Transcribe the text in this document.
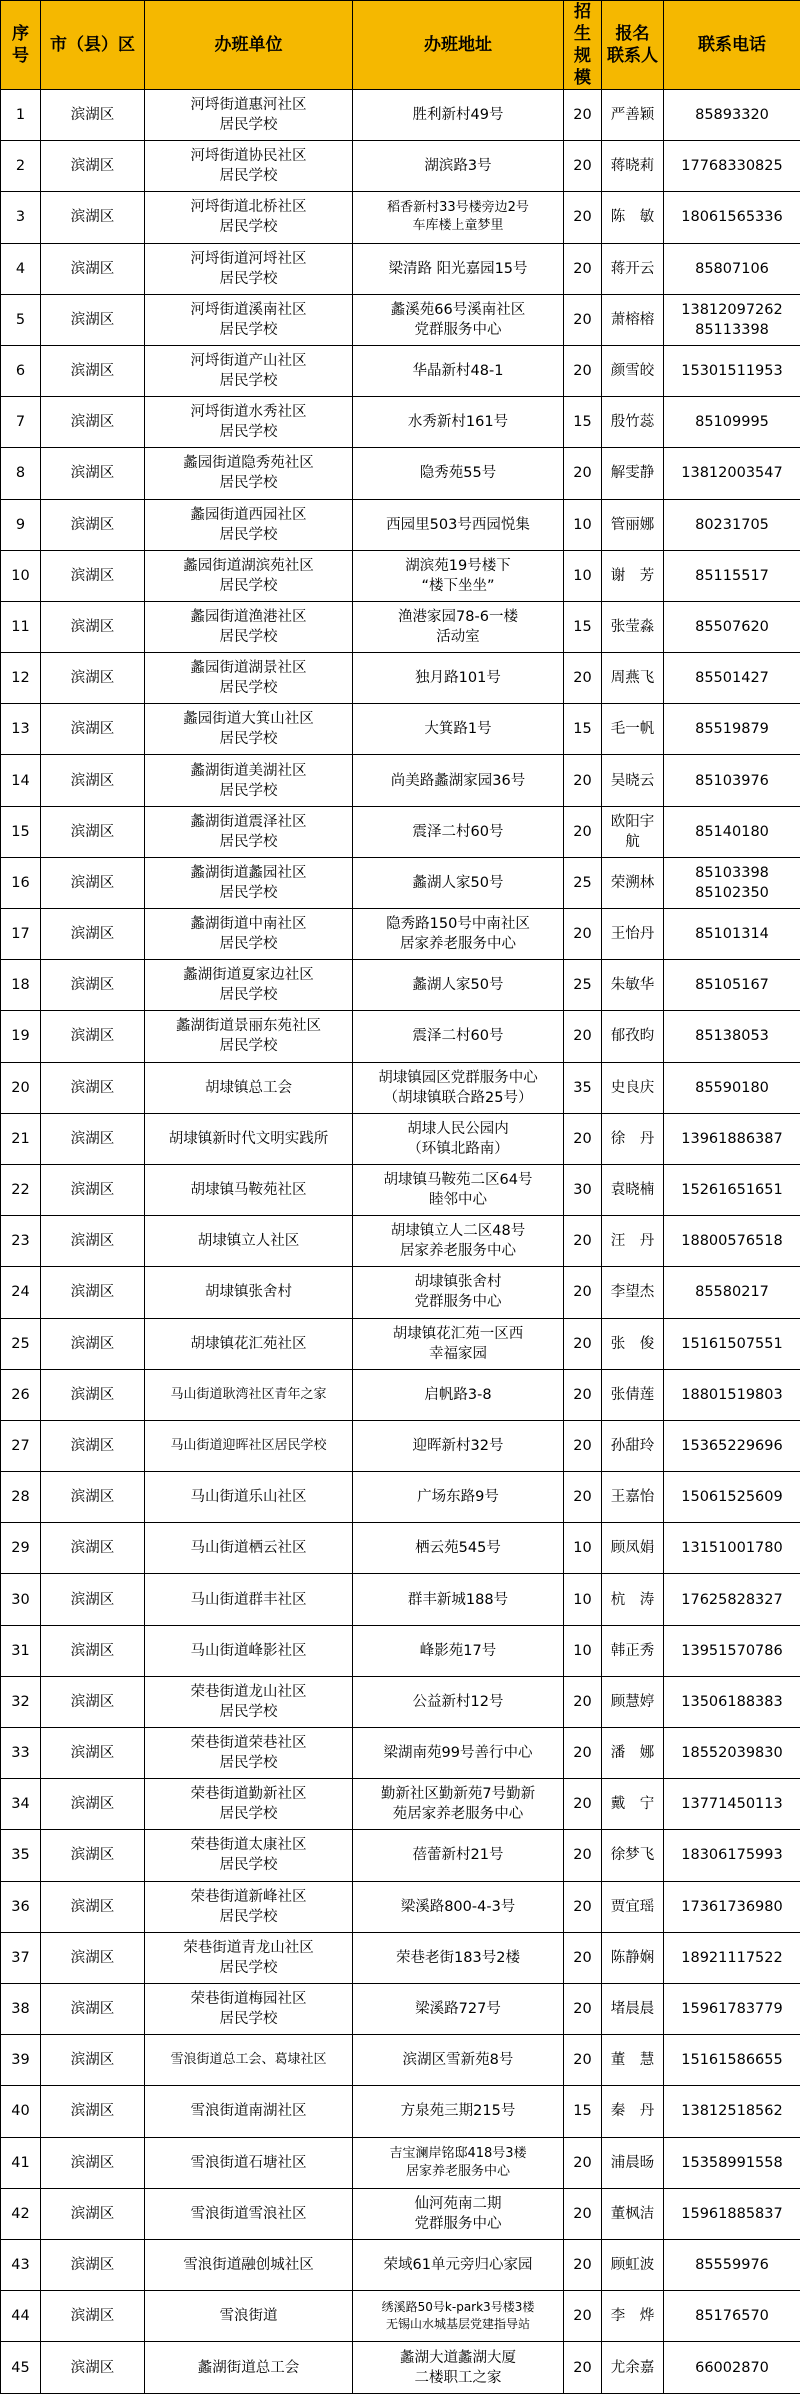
序
号	市（县）区	办班单位	办班地址	招生
规模	报名
联系人	联系电话
1	滨湖区	河埒街道惠河社区
居民学校	胜利新村49号	20	严善颖	85893320
2	滨湖区	河埒街道协民社区
居民学校	湖滨路3号	20	蒋晓莉	17768330825
3	滨湖区	河埒街道北桥社区
居民学校	稻香新村33号楼旁边2号
车库楼上童梦里	20	陈　敏	18061565336
4	滨湖区	河埒街道河埒社区
居民学校	梁清路 阳光嘉园15号	20	蒋开云	85807106
5	滨湖区	河埒街道溪南社区
居民学校	蠡溪苑66号溪南社区
党群服务中心	20	萧榕榕	13812097262
85113398
6	滨湖区	河埒街道产山社区
居民学校	华晶新村48-1	20	颜雪皎	15301511953
7	滨湖区	河埒街道水秀社区
居民学校	水秀新村161号	15	殷竹蕊	85109995
8	滨湖区	蠡园街道隐秀苑社区
居民学校	隐秀苑55号	20	解雯静	13812003547
9	滨湖区	蠡园街道西园社区
居民学校	西园里503号西园悦集	10	管丽娜	80231705
10	滨湖区	蠡园街道湖滨苑社区
居民学校	湖滨苑19号楼下
“楼下坐坐”	10	谢　芳	85115517
11	滨湖区	蠡园街道渔港社区
居民学校	渔港家园78-6一楼
活动室	15	张莹淼	85507620
12	滨湖区	蠡园街道湖景社区
居民学校	独月路101号	20	周燕飞	85501427
13	滨湖区	蠡园街道大箕山社区
居民学校	大箕路1号	15	毛一帆	85519879
14	滨湖区	蠡湖街道美湖社区
居民学校	尚美路蠡湖家园36号	20	吴晓云	85103976
15	滨湖区	蠡湖街道震泽社区
居民学校	震泽二村60号	20	欧阳宇航	85140180
16	滨湖区	蠡湖街道蠡园社区
居民学校	蠡湖人家50号	25	荣溯林	85103398
85102350
17	滨湖区	蠡湖街道中南社区
居民学校	隐秀路150号中南社区
居家养老服务中心	20	王怡丹	85101314
18	滨湖区	蠡湖街道夏家边社区
居民学校	蠡湖人家50号	25	朱敏华	85105167
19	滨湖区	蠡湖街道景丽东苑社区
居民学校	震泽二村60号	20	郁孜昀	85138053
20	滨湖区	胡埭镇总工会	胡埭镇园区党群服务中心
（胡埭镇联合路25号）	35	史良庆	85590180
21	滨湖区	胡埭镇新时代文明实践所	胡埭人民公园内
（环镇北路南）	20	徐　丹	13961886387
22	滨湖区	胡埭镇马鞍苑社区	胡埭镇马鞍苑二区64号
睦邻中心	30	袁晓楠	15261651651
23	滨湖区	胡埭镇立人社区	胡埭镇立人二区48号
居家养老服务中心	20	汪　丹	18800576518
24	滨湖区	胡埭镇张舍村	胡埭镇张舍村
党群服务中心	20	李望杰	85580217
25	滨湖区	胡埭镇花汇苑社区	胡埭镇花汇苑一区西
幸福家园	20	张　俊	15161507551
26	滨湖区	马山街道耿湾社区青年之家	启帆路3-8	20	张倩莲	18801519803
27	滨湖区	马山街道迎晖社区居民学校	迎晖新村32号	20	孙甜玲	15365229696
28	滨湖区	马山街道乐山社区	广场东路9号	20	王嘉怡	15061525609
29	滨湖区	马山街道栖云社区	栖云苑545号	10	顾凤娟	13151001780
30	滨湖区	马山街道群丰社区	群丰新城188号	10	杭　涛	17625828327
31	滨湖区	马山街道峰影社区	峰影苑17号	10	韩正秀	13951570786
32	滨湖区	荣巷街道龙山社区
居民学校	公益新村12号	20	顾慧婷	13506188383
33	滨湖区	荣巷街道荣巷社区
居民学校	梁湖南苑99号善行中心	20	潘　娜	18552039830
34	滨湖区	荣巷街道勤新社区
居民学校	勤新社区勤新苑7号勤新
苑居家养老服务中心	20	戴　宁	13771450113
35	滨湖区	荣巷街道太康社区
居民学校	蓓蕾新村21号	20	徐梦飞	18306175993
36	滨湖区	荣巷街道新峰社区
居民学校	梁溪路800-4-3号	20	贾宜瑶	17361736980
37	滨湖区	荣巷街道青龙山社区
居民学校	荣巷老街183号2楼	20	陈静娴	18921117522
38	滨湖区	荣巷街道梅园社区
居民学校	梁溪路727号	20	堵晨晨	15961783779
39	滨湖区	雪浪街道总工会、葛埭社区	滨湖区雪新苑8号	20	董　慧	15161586655
40	滨湖区	雪浪街道南湖社区	方泉苑三期215号	15	秦　丹	13812518562
41	滨湖区	雪浪街道石塘社区	吉宝澜岸铭邸418号3楼
居家养老服务中心	20	浦晨旸	15358991558
42	滨湖区	雪浪街道雪浪社区	仙河苑南二期
党群服务中心	20	董枫洁	15961885837
43	滨湖区	雪浪街道融创城社区	荣域61单元旁归心家园	20	顾虹波	85559976
44	滨湖区	雪浪街道	绣溪路50号k-park3号楼3楼
无锡山水城基层党建指导站	20	李　烨	85176570
45	滨湖区	蠡湖街道总工会	蠡湖大道蠡湖大厦
二楼职工之家	20	尤余嘉	66002870
